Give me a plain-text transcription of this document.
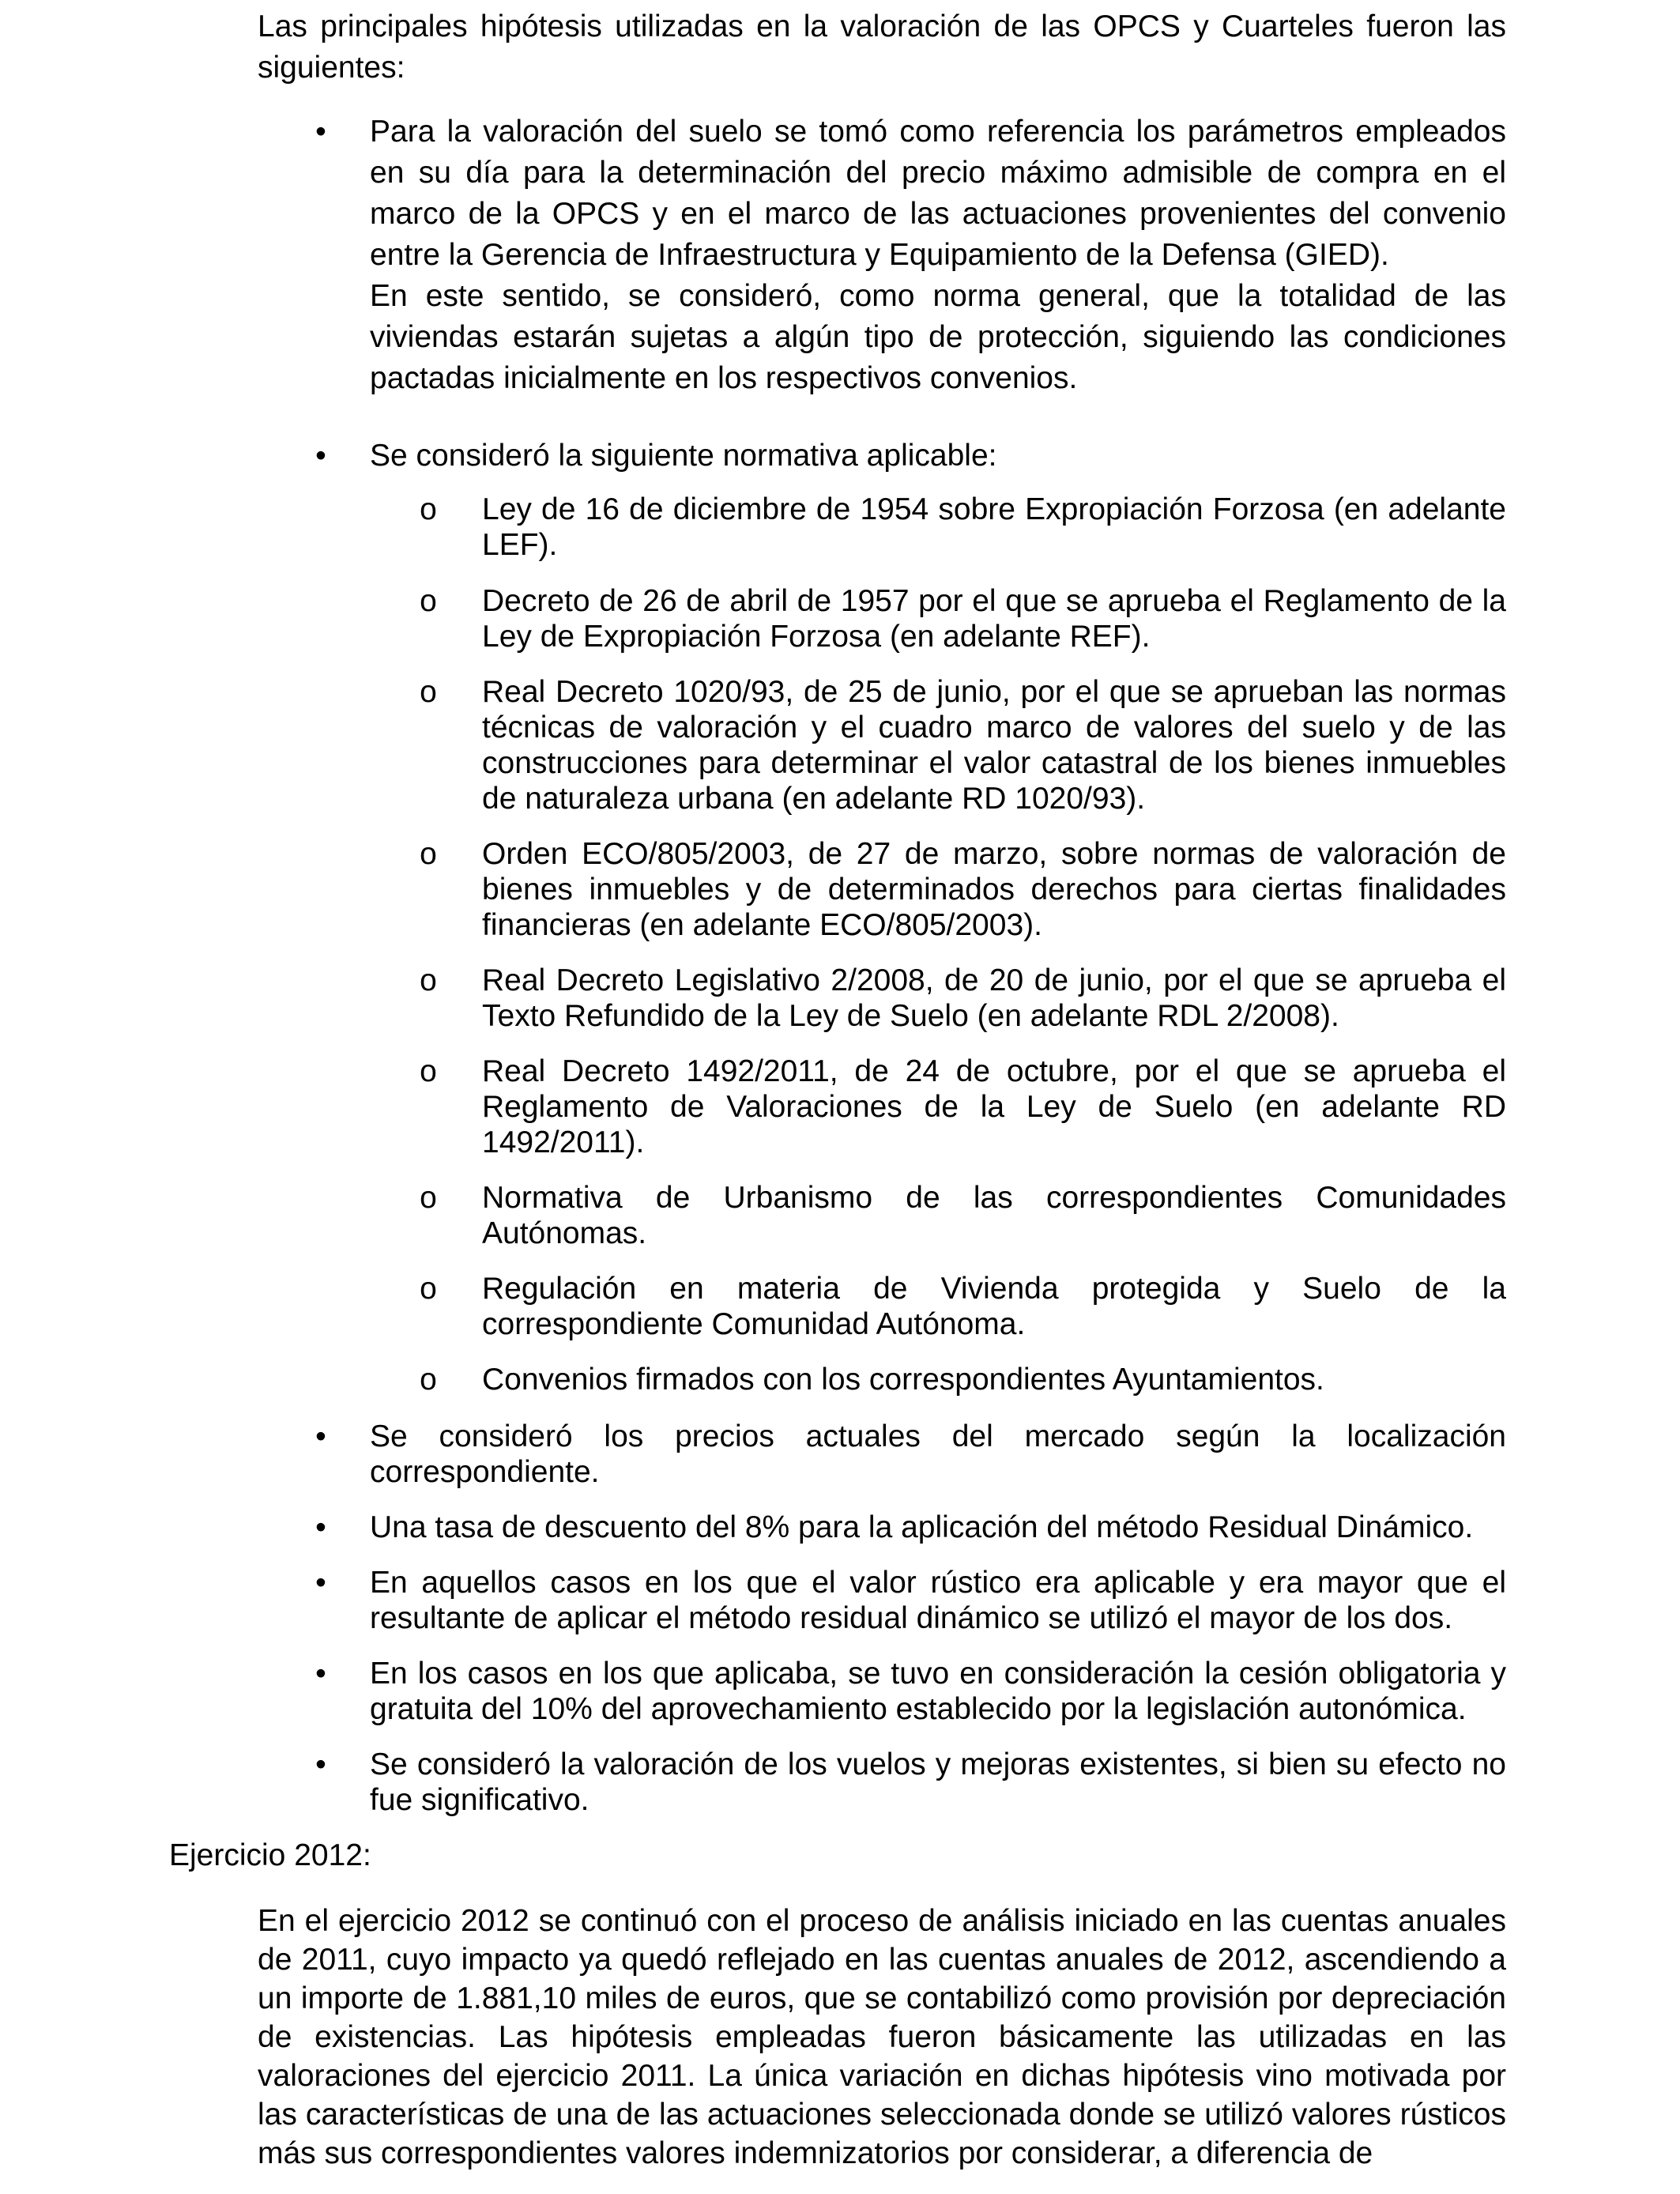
Las principales hipótesis utilizadas en la valoración de las OPCS y Cuarteles fueron las siguientes:

• Para la valoración del suelo se tomó como referencia los parámetros empleados en su día para la determinación del precio máximo admisible de compra en el marco de la OPCS y en el marco de las actuaciones provenientes del convenio entre la Gerencia de Infraestructura y Equipamiento de la Defensa (GIED).
En este sentido, se consideró, como norma general, que la totalidad de las viviendas estarán sujetas a algún tipo de protección, siguiendo las condiciones pactadas inicialmente en los respectivos convenios.
• Se consideró la siguiente normativa aplicable:
o Ley de 16 de diciembre de 1954 sobre Expropiación Forzosa (en adelante LEF).
o Decreto de 26 de abril de 1957 por el que se aprueba el Reglamento de la Ley de Expropiación Forzosa (en adelante REF).
o Real Decreto 1020/93, de 25 de junio, por el que se aprueban las normas técnicas de valoración y el cuadro marco de valores del suelo y de las construcciones para determinar el valor catastral de los bienes inmuebles de naturaleza urbana (en adelante RD 1020/93).
o Orden ECO/805/2003, de 27 de marzo, sobre normas de valoración de bienes inmuebles y de determinados derechos para ciertas finalidades financieras (en adelante ECO/805/2003).
o Real Decreto Legislativo 2/2008, de 20 de junio, por el que se aprueba el Texto Refundido de la Ley de Suelo (en adelante RDL 2/2008).
o Real Decreto 1492/2011, de 24 de octubre, por el que se aprueba el Reglamento de Valoraciones de la Ley de Suelo (en adelante RD 1492/2011).
o Normativa de Urbanismo de las correspondientes Comunidades Autónomas.
o Regulación en materia de Vivienda protegida y Suelo de la correspondiente Comunidad Autónoma.
o Convenios firmados con los correspondientes Ayuntamientos.
• Se consideró los precios actuales del mercado según la localización correspondiente.
• Una tasa de descuento del 8% para la aplicación del método Residual Dinámico.
• En aquellos casos en los que el valor rústico era aplicable y era mayor que el resultante de aplicar el método residual dinámico se utilizó el mayor de los dos.
• En los casos en los que aplicaba, se tuvo en consideración la cesión obligatoria y gratuita del 10% del aprovechamiento establecido por la legislación autonómica.
• Se consideró la valoración de los vuelos y mejoras existentes, si bien su efecto no fue significativo.

Ejercicio 2012:

En el ejercicio 2012 se continuó con el proceso de análisis iniciado en las cuentas anuales de 2011, cuyo impacto ya quedó reflejado en las cuentas anuales de 2012, ascendiendo a un importe de 1.881,10 miles de euros, que se contabilizó como provisión por depreciación de existencias. Las hipótesis empleadas fueron básicamente las utilizadas en las valoraciones del ejercicio 2011. La única variación en dichas hipótesis vino motivada por las características de una de las actuaciones seleccionada donde se utilizó valores rústicos más sus correspondientes valores indemnizatorios por considerar, a diferencia de
